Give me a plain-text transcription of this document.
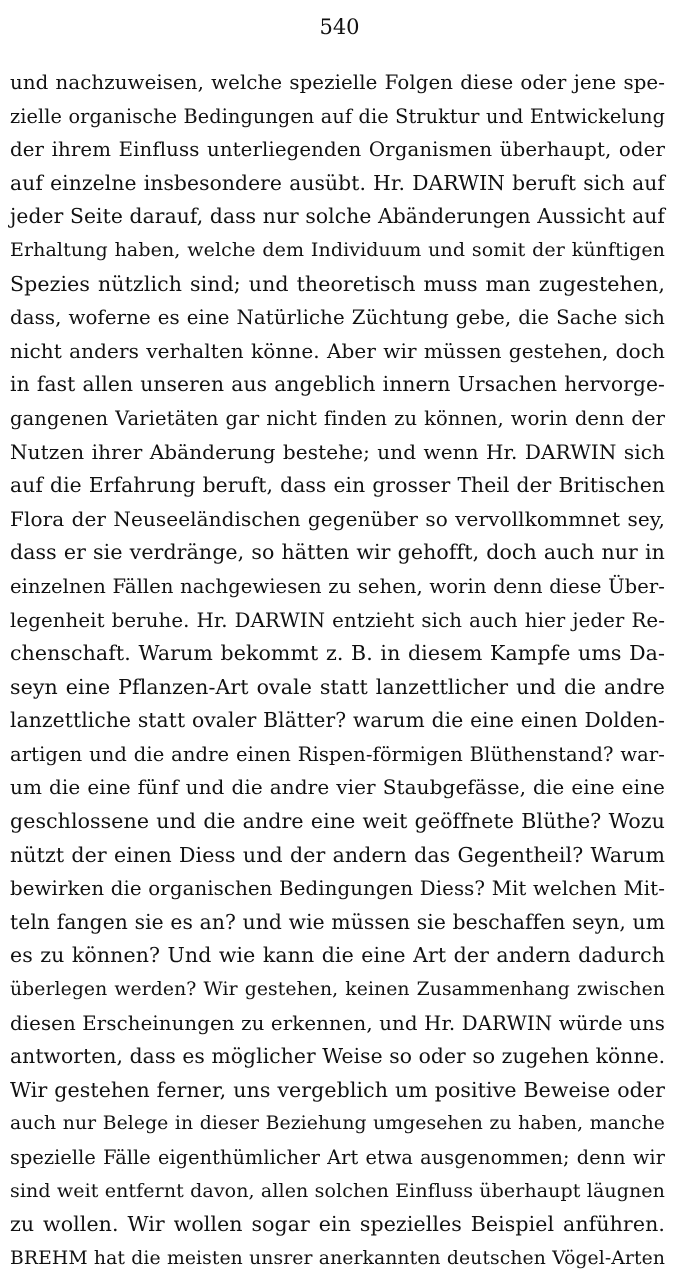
540
und nachzuweisen, welche spezielle Folgen diese oder jene spe-
zielle organische Bedingungen auf die Struktur und Entwickelung
der ihrem Einfluss unterliegenden Organismen überhaupt, oder
auf einzelne insbesondere ausübt. Hr. DARWIN beruft sich auf
jeder Seite darauf, dass nur solche Abänderungen Aussicht auf
Erhaltung haben, welche dem Individuum und somit der künftigen
Spezies nützlich sind; und theoretisch muss man zugestehen,
dass, woferne es eine Natürliche Züchtung gebe, die Sache sich
nicht anders verhalten könne. Aber wir müssen gestehen, doch
in fast allen unseren aus angeblich innern Ursachen hervorge-
gangenen Varietäten gar nicht finden zu können, worin denn der
Nutzen ihrer Abänderung bestehe; und wenn Hr. DARWIN sich
auf die Erfahrung beruft, dass ein grosser Theil der Britischen
Flora der Neuseeländischen gegenüber so vervollkommnet sey,
dass er sie verdränge, so hätten wir gehofft, doch auch nur in
einzelnen Fällen nachgewiesen zu sehen, worin denn diese Über-
legenheit beruhe. Hr. DARWIN entzieht sich auch hier jeder Re-
chenschaft. Warum bekommt z. B. in diesem Kampfe ums Da-
seyn eine Pflanzen-Art ovale statt lanzettlicher und die andre
lanzettliche statt ovaler Blätter? warum die eine einen Dolden-
artigen und die andre einen Rispen-förmigen Blüthenstand? war-
um die eine fünf und die andre vier Staubgefässe, die eine eine
geschlossene und die andre eine weit geöffnete Blüthe? Wozu
nützt der einen Diess und der andern das Gegentheil? Warum
bewirken die organischen Bedingungen Diess? Mit welchen Mit-
teln fangen sie es an? und wie müssen sie beschaffen seyn, um
es zu können? Und wie kann die eine Art der andern dadurch
überlegen werden? Wir gestehen, keinen Zusammenhang zwischen
diesen Erscheinungen zu erkennen, und Hr. DARWIN würde uns
antworten, dass es möglicher Weise so oder so zugehen könne.
Wir gestehen ferner, uns vergeblich um positive Beweise oder
auch nur Belege in dieser Beziehung umgesehen zu haben, manche
spezielle Fälle eigenthümlicher Art etwa ausgenommen; denn wir
sind weit entfernt davon, allen solchen Einfluss überhaupt läugnen
zu wollen. Wir wollen sogar ein spezielles Beispiel anführen.
BREHM hat die meisten unsrer anerkannten deutschen Vögel-Arten
